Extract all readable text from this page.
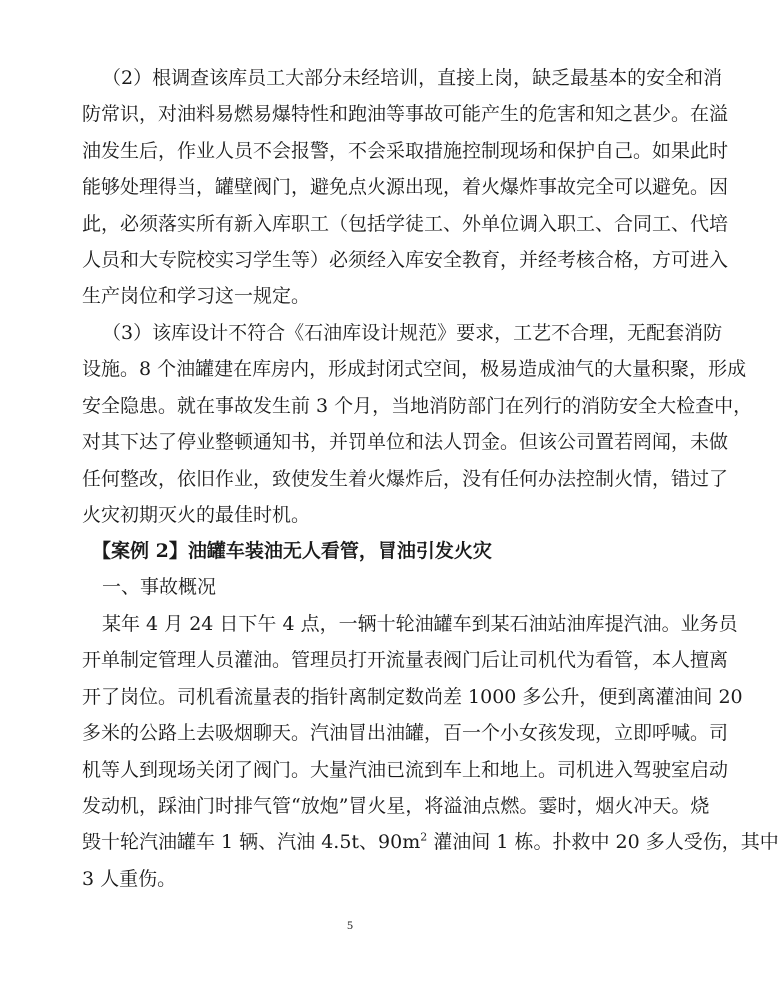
（2）根调查该库员工大部分未经培训，直接上岗，缺乏最基本的安全和消
防常识，对油料易燃易爆特性和跑油等事故可能产生的危害和知之甚少。在溢
油发生后，作业人员不会报警，不会采取措施控制现场和保护自己。如果此时
能够处理得当，罐壁阀门，避免点火源出现，着火爆炸事故完全可以避免。因
此，必须落实所有新入库职工（包括学徒工、外单位调入职工、合同工、代培
人员和大专院校实习学生等）必须经入库安全教育，并经考核合格，方可进入
生产岗位和学习这一规定。
（3）该库设计不符合《石油库设计规范》要求，工艺不合理，无配套消防
设施。8 个油罐建在库房内，形成封闭式空间，极易造成油气的大量积聚，形成
安全隐患。就在事故发生前 3 个月，当地消防部门在列行的消防安全大检查中，
对其下达了停业整顿通知书，并罚单位和法人罚金。但该公司置若罔闻，未做
任何整改，依旧作业，致使发生着火爆炸后，没有任何办法控制火情，错过了
火灾初期灭火的最佳时机。
【案例 2】油罐车装油无人看管，冒油引发火灾
一、事故概况
某年 4 月 24 日下午 4 点，一辆十轮油罐车到某石油站油库提汽油。业务员
开单制定管理人员灌油。管理员打开流量表阀门后让司机代为看管，本人擅离
开了岗位。司机看流量表的指针离制定数尚差 1000 多公升，便到离灌油间 20
多米的公路上去吸烟聊天。汽油冒出油罐，百一个小女孩发现，立即呼喊。司
机等人到现场关闭了阀门。大量汽油已流到车上和地上。司机进入驾驶室启动
发动机，踩油门时排气管“放炮”冒火星，将溢油点燃。霎时，烟火冲天。烧
毁十轮汽油罐车 1 辆、汽油 4.5t、$90m^2$ 灌油间 1 栋。扑救中 20 多人受伤，其中
3 人重伤。
5
